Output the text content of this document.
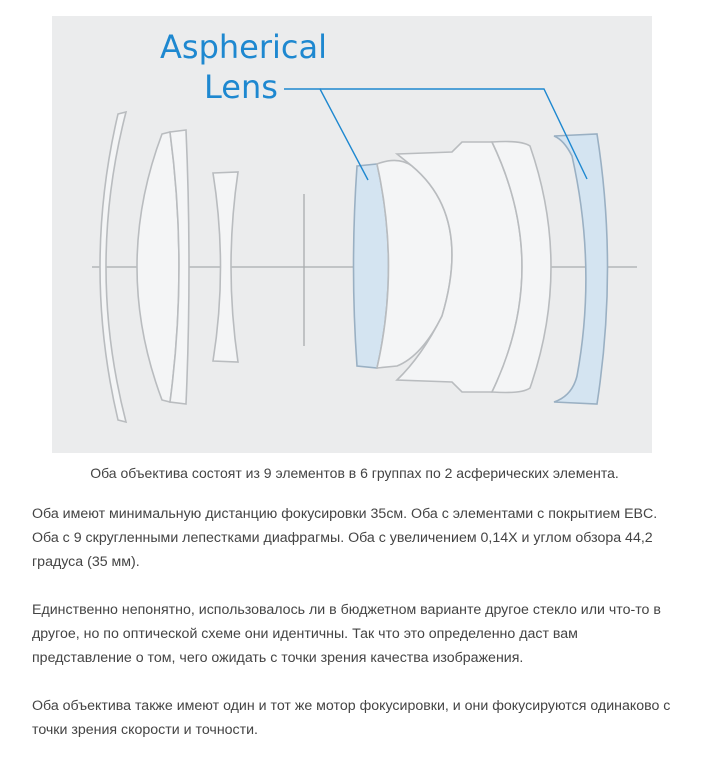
Aspherical
Lens
Оба объектива состоят из 9 элементов в 6 группах по 2 асферических элемента.

Оба имеют минимальную дистанцию фокусировки 35см. Оба с элементами с покрытием EBC. Оба с 9 скругленными лепестками диафрагмы. Оба с увеличением 0,14X и углом обзора 44,2 градуса (35 мм).

Единственно непонятно, использовалось ли в бюджетном варианте другое стекло или что-то в другое, но по оптической схеме они идентичны. Так что это определенно даст вам представление о том, чего ожидать с точки зрения качества изображения.

Оба объектива также имеют один и тот же мотор фокусировки, и они фокусируются одинаково с точки зрения скорости и точности.
